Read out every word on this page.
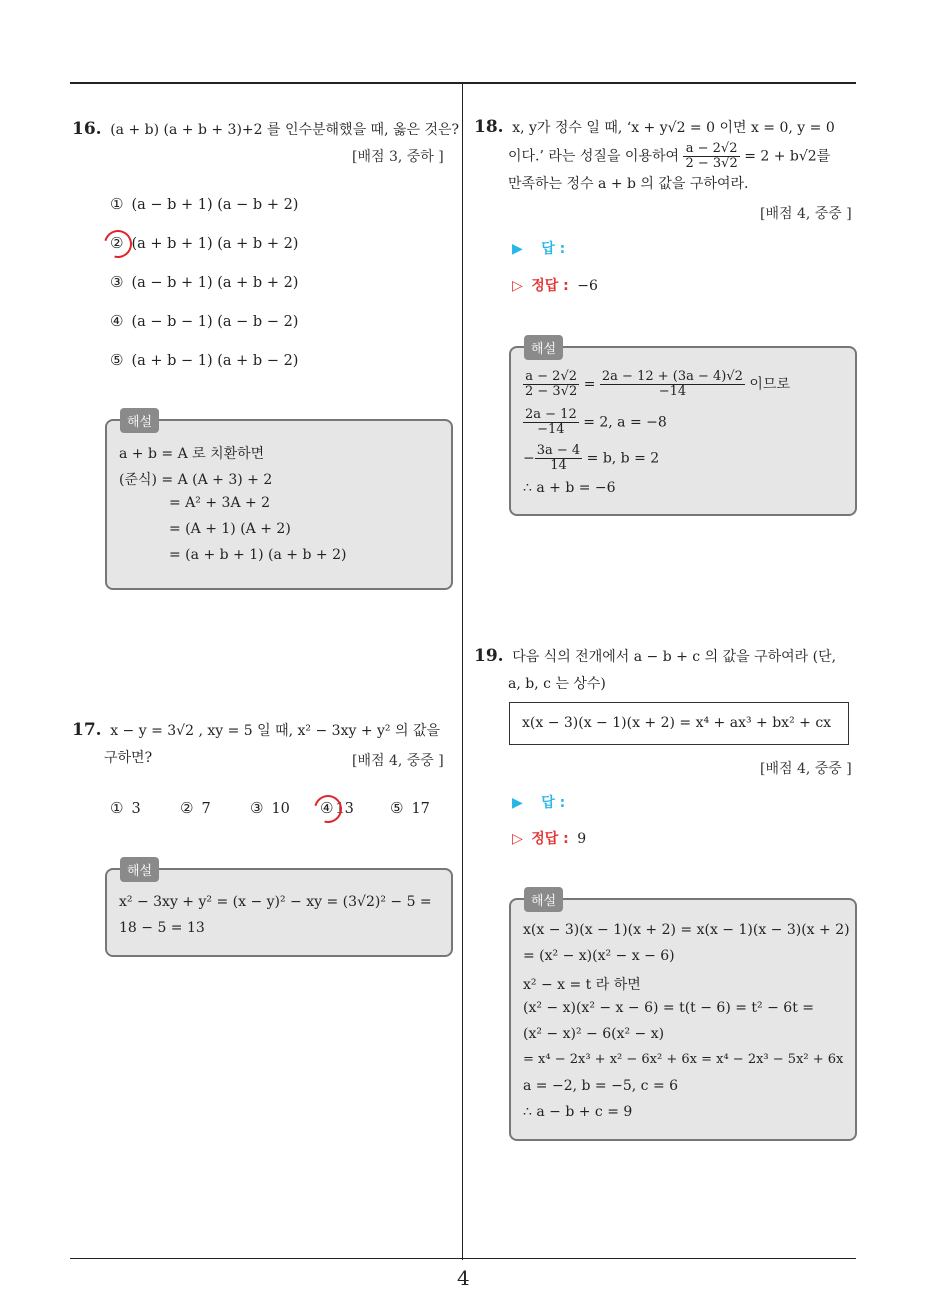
4
16. (a + b) (a + b + 3)+2 를 인수분해했을 때, 옳은 것은?
[배점 3, 중하 ]
① (a − b + 1) (a − b + 2)
② (a + b + 1) (a + b + 2)
③ (a − b + 1) (a + b + 2)
④ (a − b − 1) (a − b − 2)
⑤ (a + b − 1) (a + b − 2)
a + b = A 로 치환하면
(준식) = A (A + 3) + 2
= A² + 3A + 2
= (A + 1) (A + 2)
= (a + b + 1) (a + b + 2)
해설
17. x − y = 3√2 , xy = 5 일 때, x² − 3xy + y² 의 값을
구하면?	[배점 4, 중중 ]
① 3	② 7	③ 10 ④ 13 ⑤ 17
x² − 3xy + y² = (x − y)² − xy = (3√2)² − 5 =
18 − 5 = 13
해설
18. x, y가 정수 일 때, ‘x + y√2 = 0 이면 x = 0, y = 0
이다.’ 라는 성질을 이용하여 $\frac{a - 2√2}{2 - 3√2} = 2 + b√2$를
만족하는 정수 a + b 의 값을 구하여라.
[배점 4, 중중 ]
▶ 답 :
▷ 정답 : −6
$\frac{a - 2√2}{2 - 3√2} = \frac{2a - 12 + (3a - 4)√2}{-14}$ 이므로
$\frac{2a - 12}{-14} = 2$, a = −8
− $\frac{3a - 4}{14} = b$, b = 2
∴ a + b = −6
해설
19. 다음 식의 전개에서 a − b + c 의 값을 구하여라 (단,
a, b, c 는 상수)
x(x − 3)(x − 1)(x + 2) = x⁴ + ax³ + bx² + cx
[배점 4, 중중 ]
▶ 답 :
▷ 정답 : 9
x(x − 3)(x − 1)(x + 2) = x(x − 1)(x − 3)(x + 2)
= (x² − x)(x² − x − 6)
x² − x = t 라 하면
(x² − x)(x² − x − 6) = t(t − 6) = t² − 6t =
(x² − x)² − 6(x² − x)
= x⁴ − 2x³ + x² − 6x² + 6x = x⁴ − 2x³ − 5x² + 6x
a = −2, b = −5, c = 6
∴ a − b + c = 9
해설
